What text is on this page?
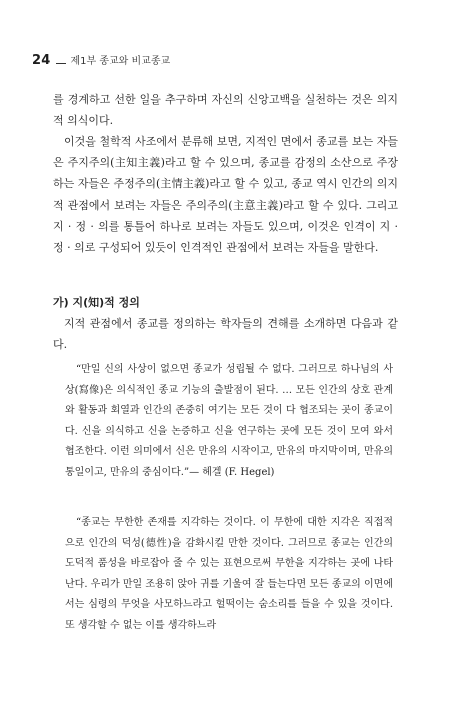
24 제1부 종교와 비교종교

를 경계하고 선한 일을 추구하며 자신의 신앙고백을 실천하는 것은 의지적 의식이다.

이것을 철학적 사조에서 분류해 보면, 지적인 면에서 종교를 보는 자들은 주지주의(主知主義)라고 할 수 있으며, 종교를 감정의 소산으로 주장하는 자들은 주정주의(主情主義)라고 할 수 있고, 종교 역시 인간의 의지적 관점에서 보려는 자들은 주의주의(主意主義)라고 할 수 있다. 그리고 지 · 정 · 의를 통틀어 하나로 보려는 자들도 있으며, 이것은 인격이 지 · 정 · 의로 구성되어 있듯이 인격적인 관점에서 보려는 자들을 말한다.

가) 지(知)적 정의

지적 관점에서 종교를 정의하는 학자들의 견해를 소개하면 다음과 같다.

“만일 신의 사상이 없으면 종교가 성립될 수 없다. 그러므로 하나님의 사상(寫像)은 의식적인 종교 기능의 출발점이 된다. … 모든 인간의 상호 관계와 활동과 회열과 인간의 존중히 여기는 모든 것이 다 협조되는 곳이 종교이다. 신을 의식하고 신을 논증하고 신을 연구하는 곳에 모든 것이 모여 와서 협조한다. 이런 의미에서 신은 만유의 시작이고, 만유의 마지막이며, 만유의 통일이고, 만유의 중심이다.”— 헤겔 (F. Hegel)

“종교는 무한한 존재를 지각하는 것이다. 이 무한에 대한 지각은 직접적으로 인간의 덕성(德性)을 감화시킬 만한 것이다. 그러므로 종교는 인간의 도덕적 품성을 바로잡아 줄 수 있는 표현으로써 무한을 지각하는 곳에 나타난다. 우리가 만일 조용히 앉아 귀를 기울여 잘 들는다면 모든 종교의 이면에서는 심령의 무엇을 사모하느라고 헐떡이는 숨소리를 들을 수 있을 것이다. 또 생각할 수 없는 이를 생각하느라
